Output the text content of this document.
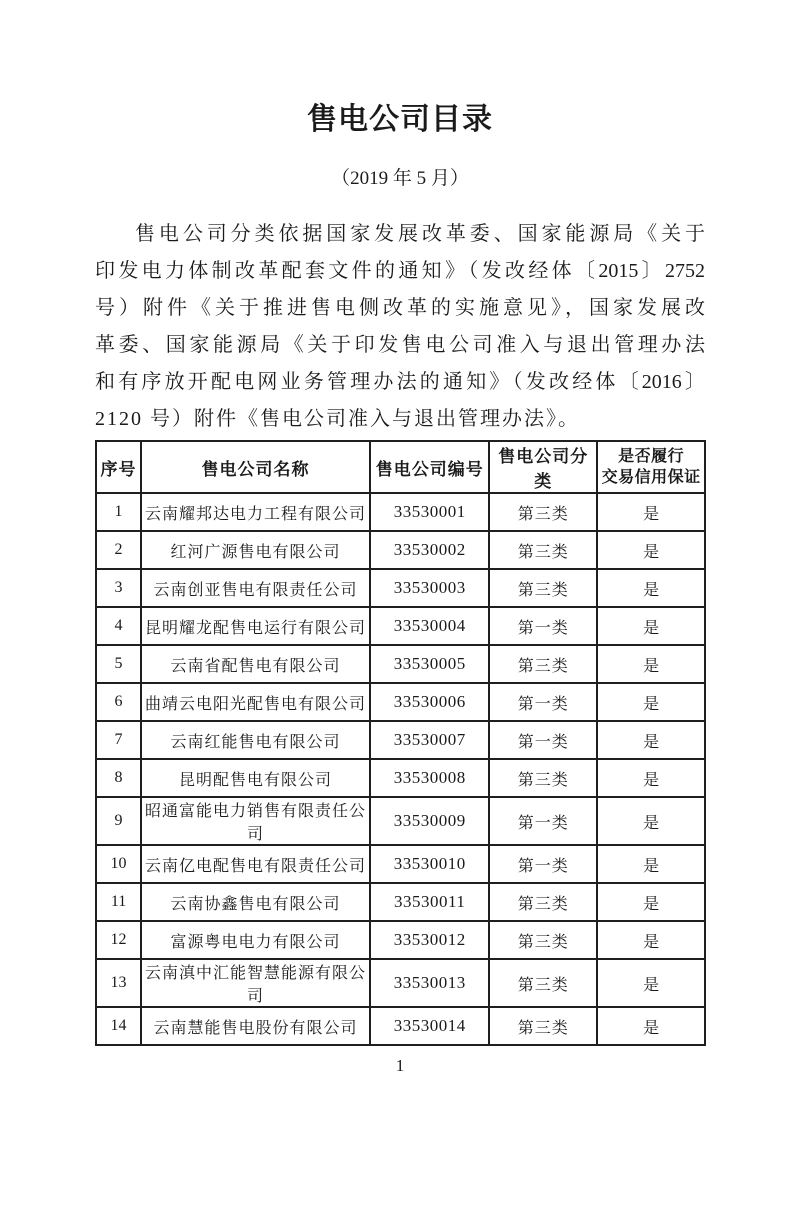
售电公司目录
（2019 年 5 月）
售电公司分类依据国家发展改革委、国家能源局《关于
印发电力体制改革配套文件的通知》（发改经体〔2015〕2752
号）附件《关于推进售电侧改革的实施意见》，国家发展改
革委、国家能源局《关于印发售电公司准入与退出管理办法
和有序放开配电网业务管理办法的通知》（发改经体〔2016〕
2120 号）附件《售电公司准入与退出管理办法》。
序号	售电公司名称	售电公司编号	售电公司分类	是否履行
交易信用保证

1	云南耀邦达电力工程有限公司	33530001	第三类	是
2	红河广源售电有限公司	33530002	第三类	是
3	云南创亚售电有限责任公司	33530003	第三类	是
4	昆明耀龙配售电运行有限公司	33530004	第一类	是
5	云南省配售电有限公司	33530005	第三类	是
6	曲靖云电阳光配售电有限公司	33530006	第一类	是
7	云南红能售电有限公司	33530007	第一类	是
8	昆明配售电有限公司	33530008	第三类	是
9	昭通富能电力销售有限责任公司	33530009	第一类	是
10	云南亿电配售电有限责任公司	33530010	第一类	是
11	云南协鑫售电有限公司	33530011	第三类	是
12	富源粤电电力有限公司	33530012	第三类	是
13	云南滇中汇能智慧能源有限公司	33530013	第三类	是
14	云南慧能售电股份有限公司	33530014	第三类	是
1
